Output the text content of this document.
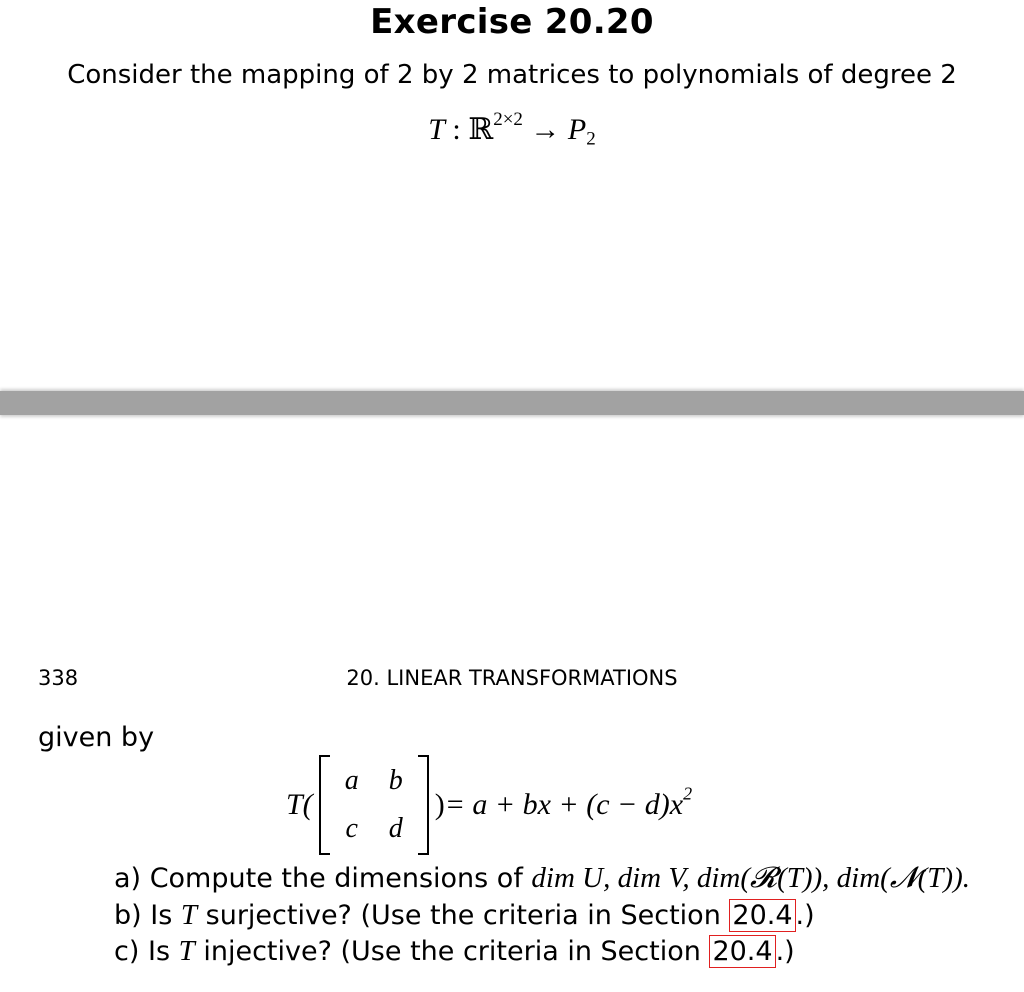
Exercise 20.20
Consider the mapping of 2 by 2 matrices to polynomials of degree 2
T : ℝ$^{2\times 2}$ → $P_2$
338	20. LINEAR TRANSFORMATIONS
given by
T(
a b
c d
) = a + bx + $(c - d)x^2$
a) Compute the dimensions of dim U, dim V, dim(𝓡(T)), dim(𝓝(T)).
b) Is T surjective? (Use the criteria in Section 20.4 .)
c) Is T injective? (Use the criteria in Section 20.4 .)
